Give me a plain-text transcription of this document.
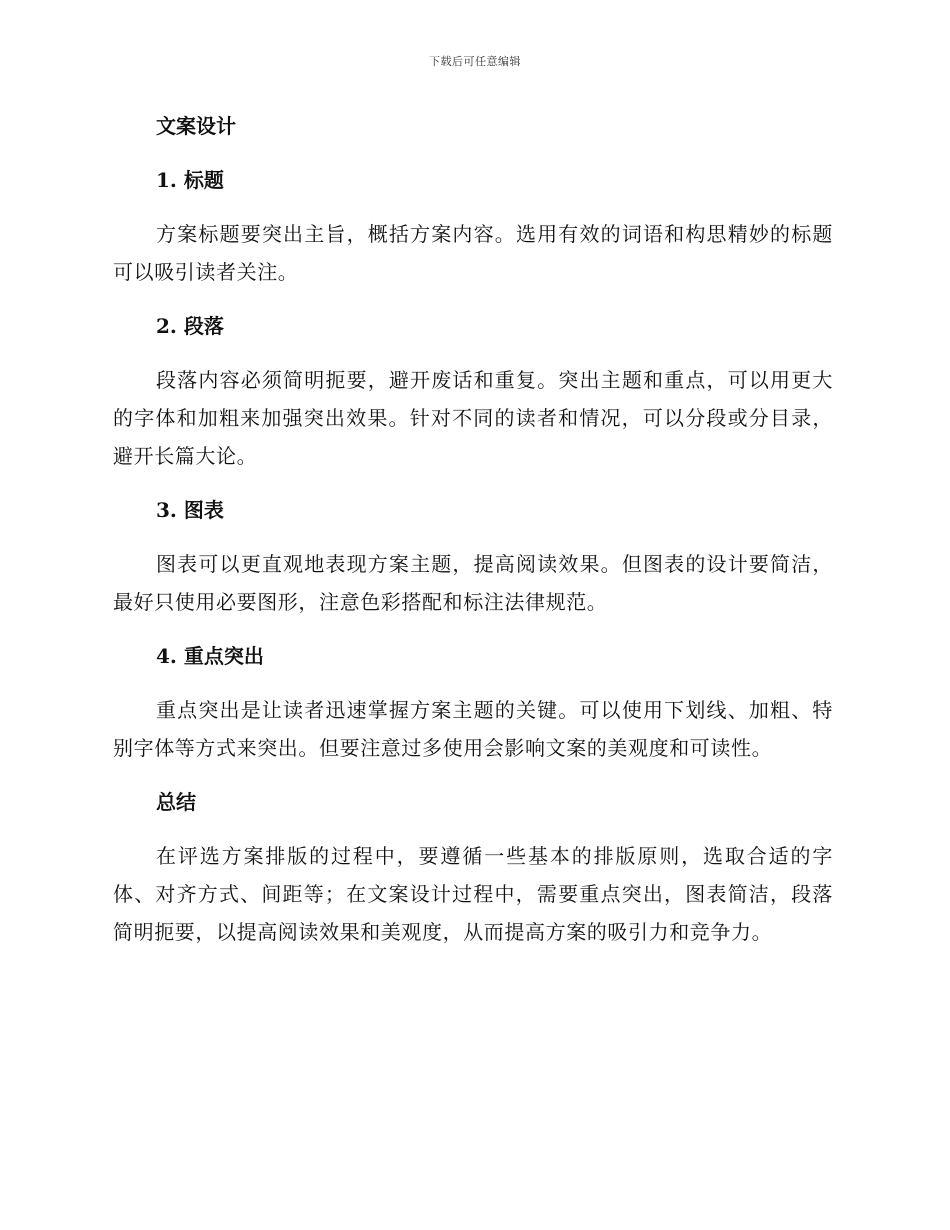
下载后可任意编辑
文案设计
1. 标题

方案标题要突出主旨，概括方案内容。选用有效的词语和构思精妙的标题可以吸引读者关注。

2. 段落

段落内容必须简明扼要，避开废话和重复。突出主题和重点，可以用更大的字体和加粗来加强突出效果。针对不同的读者和情况，可以分段或分目录，避开长篇大论。

3. 图表

图表可以更直观地表现方案主题，提高阅读效果。但图表的设计要简洁，最好只使用必要图形，注意色彩搭配和标注法律规范。

4. 重点突出

重点突出是让读者迅速掌握方案主题的关键。可以使用下划线、加粗、特别字体等方式来突出。但要注意过多使用会影响文案的美观度和可读性。

总结

在评选方案排版的过程中，要遵循一些基本的排版原则，选取合适的字体、对齐方式、间距等；在文案设计过程中，需要重点突出，图表简洁，段落简明扼要，以提高阅读效果和美观度，从而提高方案的吸引力和竞争力。
